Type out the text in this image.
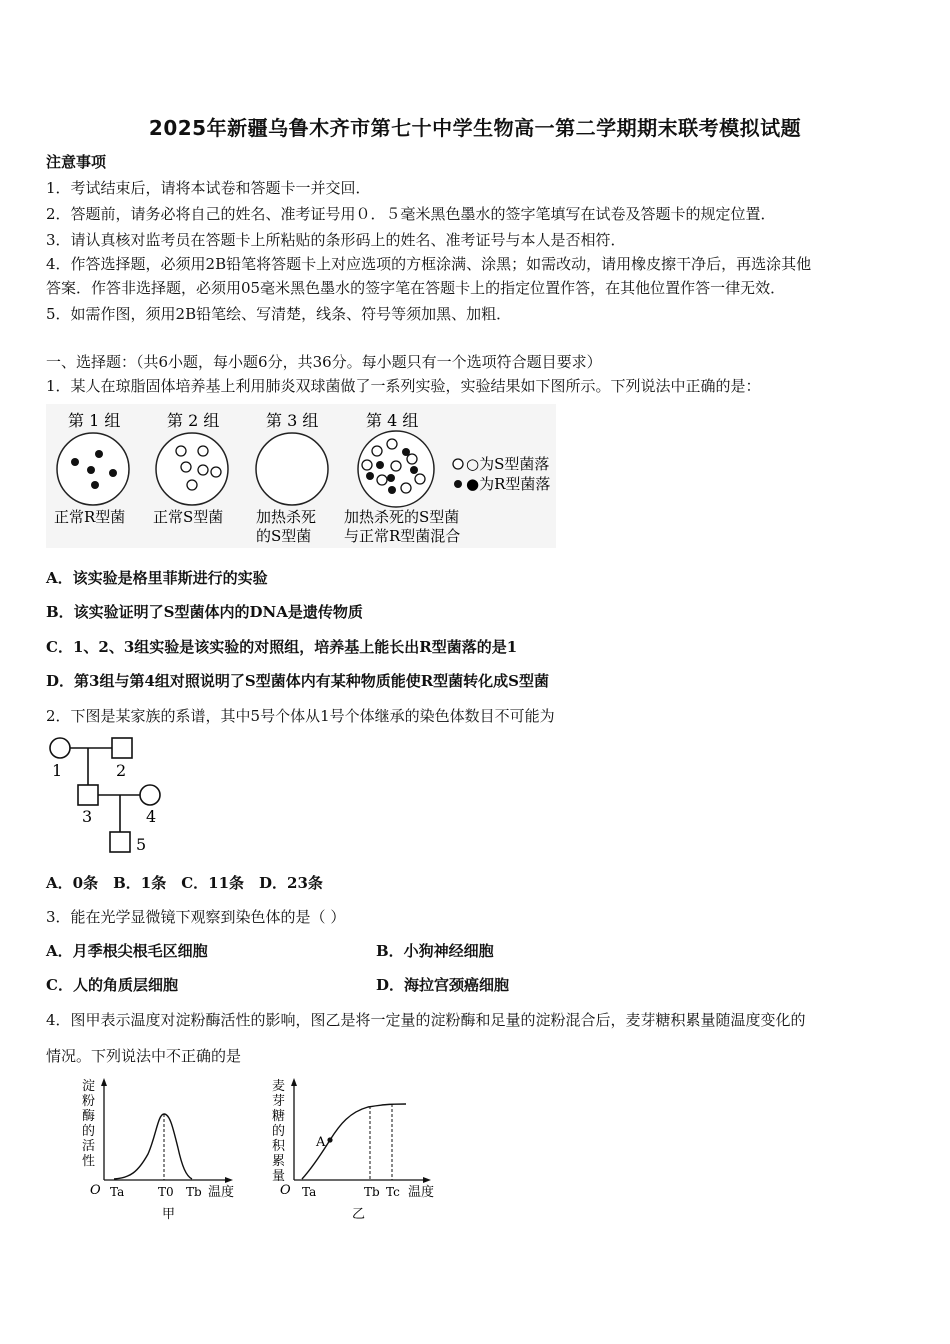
2025年新疆乌鲁木齐市第七十中学生物高一第二学期期末联考模拟试题
注意事项
1．考试结束后，请将本试卷和答题卡一并交回．
2．答题前，请务必将自己的姓名、准考证号用０．５毫米黑色墨水的签字笔填写在试卷及答题卡的规定位置．
3．请认真核对监考员在答题卡上所粘贴的条形码上的姓名、准考证号与本人是否相符．
4．作答选择题，必须用2B铅笔将答题卡上对应选项的方框涂满、涂黑；如需改动，请用橡皮擦干净后，再选涂其他
答案．作答非选择题，必须用05毫米黑色墨水的签字笔在答题卡上的指定位置作答，在其他位置作答一律无效．
5．如需作图，须用2B铅笔绘、写清楚，线条、符号等须加黑、加粗．
一、选择题：（共6小题，每小题6分，共36分。每小题只有一个选项符合题目要求）
1．某人在琼脂固体培养基上利用肺炎双球菌做了一系列实验，实验结果如下图所示。下列说法中正确的是：
第 1 组	第 2 组	第 3 组	第 4 组
○为S型菌落
●为R型菌落
正常R型菌 正常S型菌 加热杀死
的S型菌
加热杀死的S型菌
与正常R型菌混合
A．该实验是格里菲斯进行的实验
B．该实验证明了S型菌体内的DNA是遗传物质
C．1、2、3组实验是该实验的对照组，培养基上能长出R型菌落的是1
D．第3组与第4组对照说明了S型菌体内有某种物质能使R型菌转化成S型菌
2．下图是某家族的系谱，其中5号个体从1号个体继承的染色体数目不可能为
1	2
3	4
5
A．0条　B．1条　C．11条　D．23条
3．能在光学显微镜下观察到染色体的是（ ）
A．月季根尖根毛区细胞	B．小狗神经细胞
C．人的角质层细胞	D．海拉宫颈癌细胞
4．图甲表示温度对淀粉酶活性的影响，图乙是将一定量的淀粉酶和足量的淀粉混合后，麦芽糖积累量随温度变化的
情况。下列说法中不正确的是
淀
粉
酶
的
活
性
O Ta	T0 Tb 温度
甲
麦
芽
糖
的
积
累
量
A
O Ta	Tb Tc 温度
乙
